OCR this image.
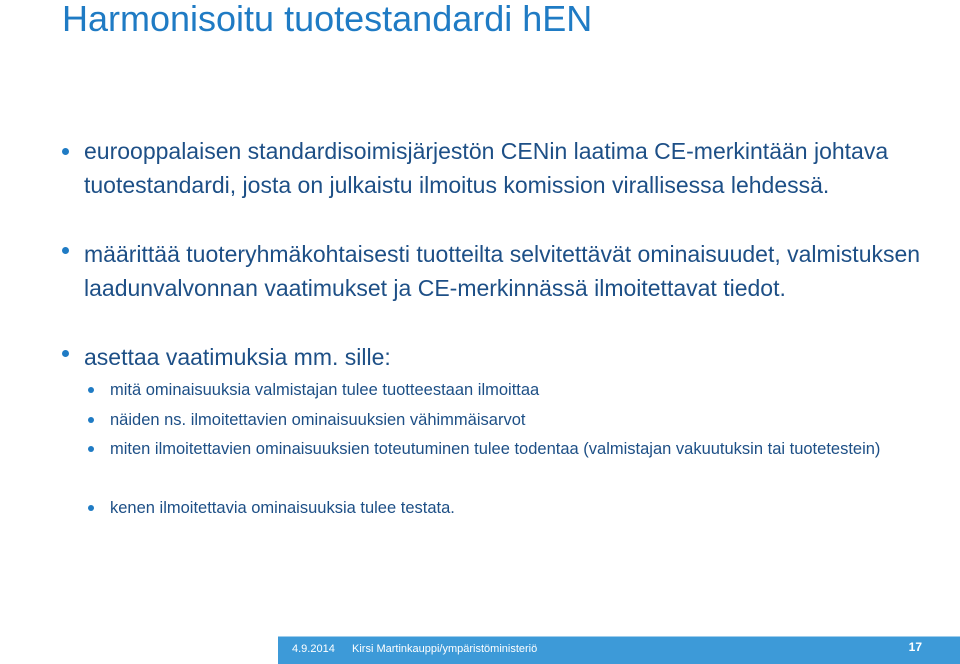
Harmonisoitu tuotestandardi hEN
eurooppalaisen standardisoimisjärjestön CENin laatima CE-merkintään johtava tuotestandardi, josta on julkaistu ilmoitus komission virallisessa lehdessä.
määrittää tuoteryhmäkohtaisesti tuotteilta selvitettävät ominaisuudet, valmistuksen laadunvalvonnan vaatimukset ja CE-merkinnässä ilmoitettavat tiedot.
asettaa vaatimuksia mm. sille:
mitä ominaisuuksia valmistajan tulee tuotteestaan ilmoittaa
näiden ns. ilmoitettavien ominaisuuksien vähimmäisarvot
miten ilmoitettavien ominaisuuksien toteutuminen tulee todentaa (valmistajan vakuutuksin tai tuotetestein)
kenen ilmoitettavia ominaisuuksia tulee testata.
4.9.2014 Kirsi Martinkauppi/ympäristöministeriö	17
